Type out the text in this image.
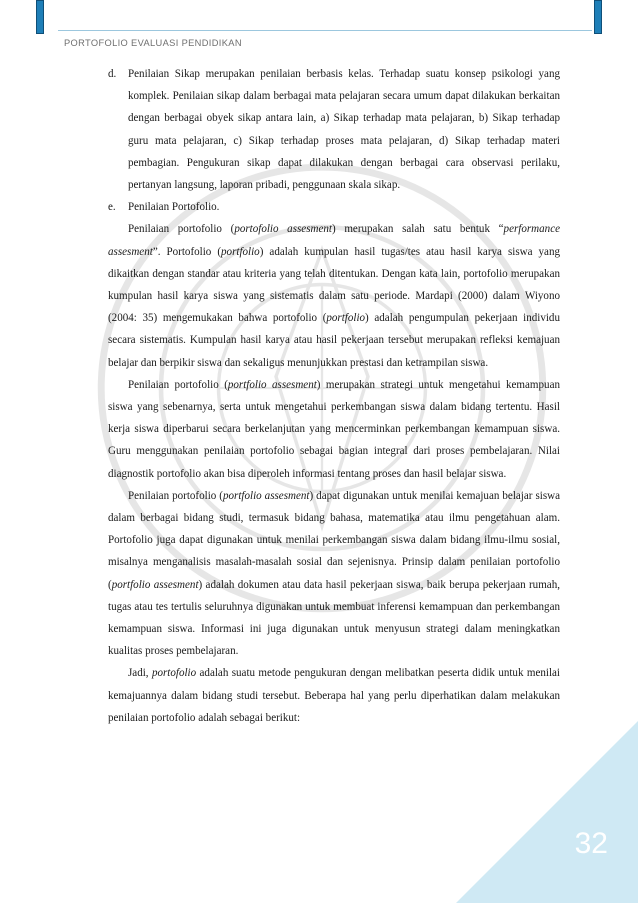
PORTOFOLIO EVALUASI PENDIDIKAN

d. Penilaian Sikap merupakan penilaian berbasis kelas. Terhadap suatu konsep psikologi yang komplek. Penilaian sikap dalam berbagai mata pelajaran secara umum dapat dilakukan berkaitan dengan berbagai obyek sikap antara lain, a) Sikap terhadap mata pelajaran, b) Sikap terhadap guru mata pelajaran, c) Sikap terhadap proses mata pelajaran, d) Sikap terhadap materi pembagian. Pengukuran sikap dapat dilakukan dengan berbagai cara observasi perilaku, pertanyan langsung, laporan pribadi, penggunaan skala sikap.

e. Penilaian Portofolio.

Penilaian portofolio (portofolio assesment) merupakan salah satu bentuk “performance assesment”. Portofolio (portfolio) adalah kumpulan hasil tugas/tes atau hasil karya siswa yang dikaitkan dengan standar atau kriteria yang telah ditentukan. Dengan kata lain, portofolio merupakan kumpulan hasil karya siswa yang sistematis dalam satu periode. Mardapi (2000) dalam Wiyono (2004: 35) mengemukakan bahwa portofolio (portfolio) adalah pengumpulan pekerjaan individu secara sistematis. Kumpulan hasil karya atau hasil pekerjaan tersebut merupakan refleksi kemajuan belajar dan berpikir siswa dan sekaligus menunjukkan prestasi dan ketrampilan siswa.

Penilaian portofolio (portfolio assesment) merupakan strategi untuk mengetahui kemampuan siswa yang sebenarnya, serta untuk mengetahui perkembangan siswa dalam bidang tertentu. Hasil kerja siswa diperbarui secara berkelanjutan yang mencerminkan perkembangan kemampuan siswa. Guru menggunakan penilaian portofolio sebagai bagian integral dari proses pembelajaran. Nilai diagnostik portofolio akan bisa diperoleh informasi tentang proses dan hasil belajar siswa.

Penilaian portofolio (portfolio assesment) dapat digunakan untuk menilai kemajuan belajar siswa dalam berbagai bidang studi, termasuk bidang bahasa, matematika atau ilmu pengetahuan alam. Portofolio juga dapat digunakan untuk menilai perkembangan siswa dalam bidang ilmu-ilmu sosial, misalnya menganalisis masalah-masalah sosial dan sejenisnya. Prinsip dalam penilaian portofolio (portfolio assesment) adalah dokumen atau data hasil pekerjaan siswa, baik berupa pekerjaan rumah, tugas atau tes tertulis seluruhnya digunakan untuk membuat inferensi kemampuan dan perkembangan kemampuan siswa. Informasi ini juga digunakan untuk menyusun strategi dalam meningkatkan kualitas proses pembelajaran.

Jadi, portofolio adalah suatu metode pengukuran dengan melibatkan peserta didik untuk menilai kemajuannya dalam bidang studi tersebut. Beberapa hal yang perlu diperhatikan dalam melakukan penilaian portofolio adalah sebagai berikut:

32
